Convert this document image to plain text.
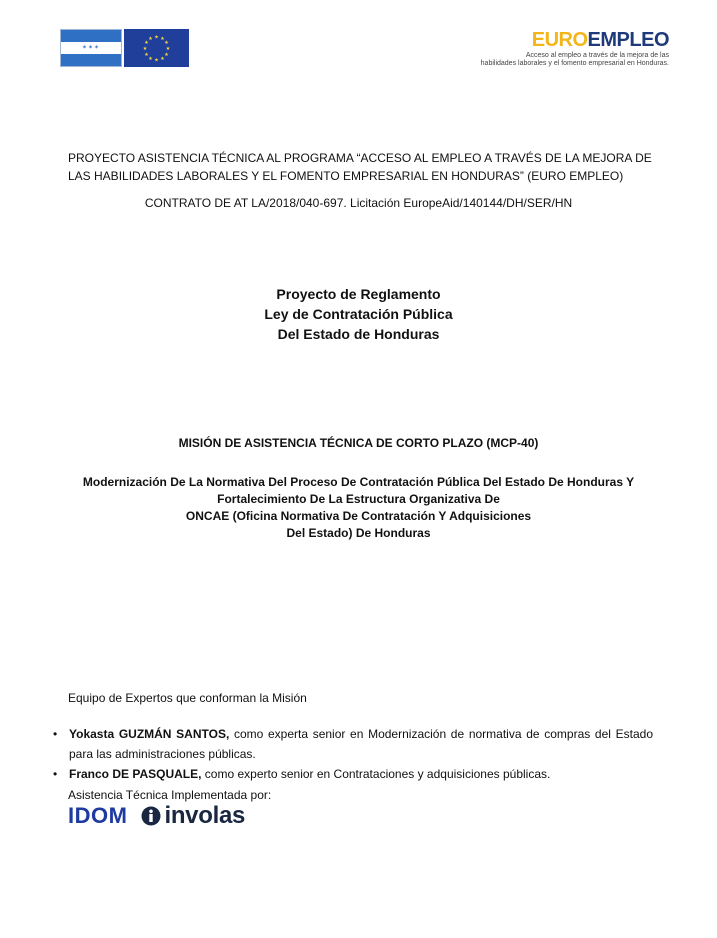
✶✶✶
★ ★
★
★
★
★
★
★
★
★
★
★	EUROEMPLEO
Acceso al empleo a través de la mejora de las
habilidades laborales y el fomento empresarial en Honduras.
PROYECTO ASISTENCIA TÉCNICA AL PROGRAMA “ACCESO AL EMPLEO A TRAVÉS DE LA MEJORA DE
LAS HABILIDADES LABORALES Y EL FOMENTO EMPRESARIAL EN HONDURAS” (EURO EMPLEO)
CONTRATO DE AT LA/2018/040-697. Licitación EuropeAid/140144/DH/SER/HN
Proyecto de Reglamento
Ley de Contratación Pública
Del Estado de Honduras
MISIÓN DE ASISTENCIA TÉCNICA DE CORTO PLAZO (MCP-40)
Modernización De La Normativa Del Proceso De Contratación Pública Del Estado De Honduras Y
Fortalecimiento De La Estructura Organizativa De
ONCAE (Oficina Normativa De Contratación Y Adquisiciones
Del Estado) De Honduras
Equipo de Expertos que conforman la Misión
• Yokasta GUZMÁN SANTOS, como experta senior en Modernización de normativa de compras del Estado para las administraciones públicas.
• Franco DE PASQUALE, como experto senior en Contrataciones y adquisiciones públicas.
Asistencia Técnica Implementada por:
IDOM involas
